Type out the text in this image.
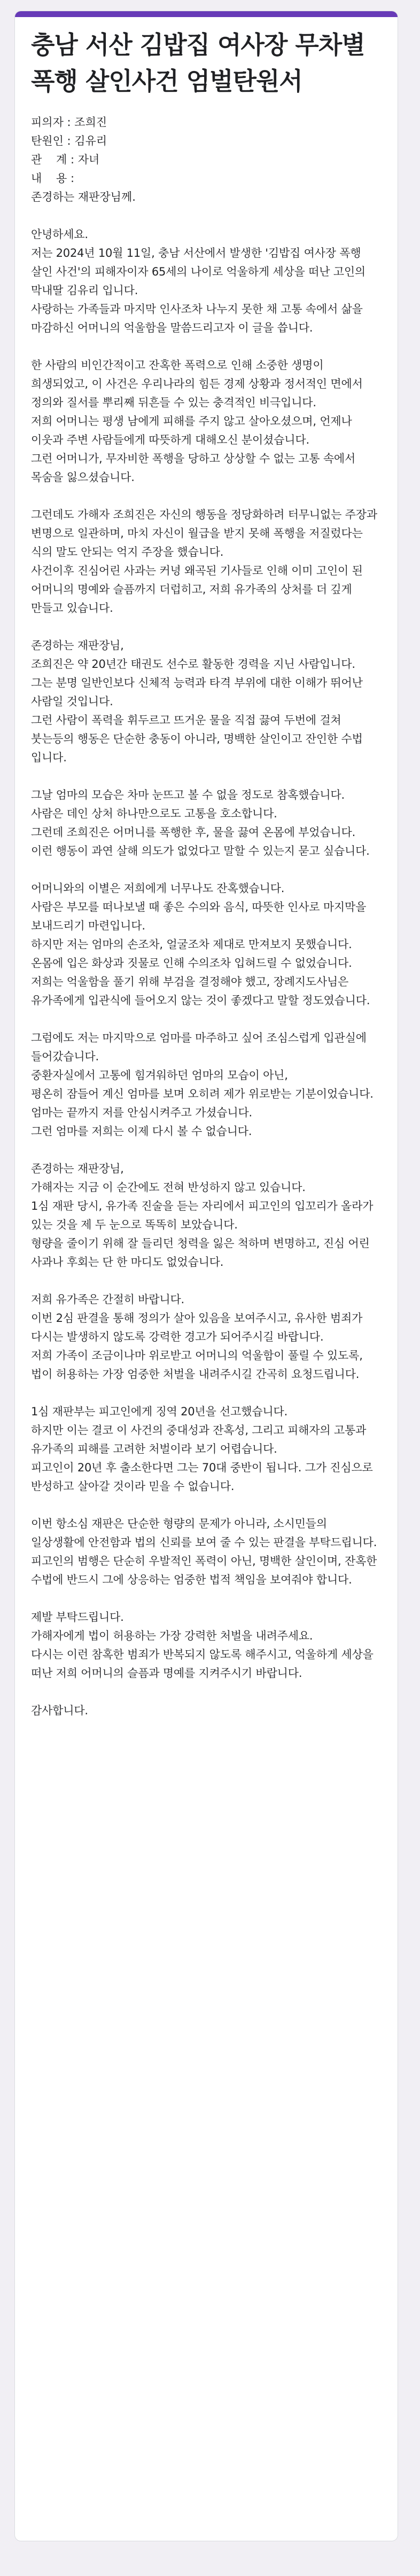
충남 서산 김밥집 여사장 무차별폭행 살인사건 엄벌탄원서
피의자 : 조희진
탄원인 : 김유리
관    계 : 자녀
내    용 :
존경하는 재판장님께.

안녕하세요.
저는 2024년 10월 11일, 충남 서산에서 발생한 '김밥집 여사장 폭행 살인 사건'의 피해자이자 65세의 나이로 억울하게 세상을 떠난 고인의 막내딸 김유리 입니다.
사랑하는 가족들과 마지막 인사조차 나누지 못한 채 고통 속에서 삶을 마감하신 어머니의 억울함을 말씀드리고자 이 글을 씁니다.

한 사람의 비인간적이고 잔혹한 폭력으로 인해 소중한 생명이 희생되었고, 이 사건은 우리나라의 힘든 경제 상황과 정서적인 면에서 정의와 질서를 뿌리째 뒤흔들 수 있는 충격적인 비극입니다.
저희 어머니는 평생 남에게 피해를 주지 않고 살아오셨으며, 언제나 이웃과 주변 사람들에게 따뜻하게 대해오신 분이셨습니다.
그런 어머니가, 무자비한 폭행을 당하고 상상할 수 없는 고통 속에서 목숨을 잃으셨습니다.

그런데도 가해자 조희진은 자신의 행동을 정당화하려 터무니없는 주장과 변명으로 일관하며, 마치 자신이 월급을 받지 못해 폭행을 저질렀다는 식의 말도 안되는 억지 주장을 했습니다.
사건이후 진심어린 사과는 커녕 왜곡된 기사들로 인해 이미 고인이 된 어머니의 명예와 슬픔까지 더럽히고, 저희 유가족의 상처를 더 깊게 만들고 있습니다.

존경하는 재판장님,
조희진은 약 20년간 태권도 선수로 활동한 경력을 지닌 사람입니다.
그는 분명 일반인보다 신체적 능력과 타격 부위에 대한 이해가 뛰어난 사람일 것입니다.
그런 사람이 폭력을 휘두르고 뜨거운 물을 직접 끓여 두번에 걸쳐 붓는등의 행동은 단순한 충동이 아니라, 명백한 살인이고 잔인한 수법 입니다.

그날 엄마의 모습은 차마 눈뜨고 볼 수 없을 정도로 참혹했습니다.
사람은 데인 상처 하나만으로도 고통을 호소합니다.
그런데 조희진은 어머니를 폭행한 후, 물을 끓여 온몸에 부었습니다.
이런 행동이 과연 살해 의도가 없었다고 말할 수 있는지 묻고 싶습니다.

어머니와의 이별은 저희에게 너무나도 잔혹했습니다.
사람은 부모를 떠나보낼 때 좋은 수의와 음식, 따뜻한 인사로 마지막을 보내드리기 마련입니다.
하지만 저는 엄마의 손조차, 얼굴조차 제대로 만져보지 못했습니다.
온몸에 입은 화상과 짓물로 인해 수의조차 입혀드릴 수 없었습니다.
저희는 억울함을 풀기 위해 부검을 결정해야 했고, 장례지도사님은 유가족에게 입관식에 들어오지 않는 것이 좋겠다고 말할 정도였습니다.

그럼에도 저는 마지막으로 엄마를 마주하고 싶어 조심스럽게 입관실에 들어갔습니다.
중환자실에서 고통에 힘겨워하던 엄마의 모습이 아닌,
평온히 잠들어 계신 엄마를 보며 오히려 제가 위로받는 기분이었습니다.
엄마는 끝까지 저를 안심시켜주고 가셨습니다.
그런 엄마를 저희는 이제 다시 볼 수 없습니다.

존경하는 재판장님,
가해자는 지금 이 순간에도 전혀 반성하지 않고 있습니다.
1심 재판 당시, 유가족 진술을 듣는 자리에서 피고인의 입꼬리가 올라가 있는 것을 제 두 눈으로 똑똑히 보았습니다.
형량을 줄이기 위해 잘 들리던 청력을 잃은 척하며 변명하고, 진심 어린 사과나 후회는 단 한 마디도 없었습니다.

저희 유가족은 간절히 바랍니다.
이번 2심 판결을 통해 정의가 살아 있음을 보여주시고, 유사한 범죄가 다시는 발생하지 않도록 강력한 경고가 되어주시길 바랍니다.
저희 가족이 조금이나마 위로받고 어머니의 억울함이 풀릴 수 있도록, 법이 허용하는 가장 엄중한 처벌을 내려주시길 간곡히 요청드립니다.

1심 재판부는 피고인에게 징역 20년을 선고했습니다.
하지만 이는 결코 이 사건의 중대성과 잔혹성, 그리고 피해자의 고통과 유가족의 피해를 고려한 처벌이라 보기 어렵습니다.
피고인이 20년 후 출소한다면 그는 70대 중반이 됩니다. 그가 진심으로 반성하고 살아갈 것이라 믿을 수 없습니다.

이번 항소심 재판은 단순한 형량의 문제가 아니라, 소시민들의 일상생활에 안전함과 법의 신뢰를 보여 줄 수 있는 판결을 부탁드립니다.
피고인의 범행은 단순히 우발적인 폭력이 아닌, 명백한 살인이며, 잔혹한 수법에 반드시 그에 상응하는 엄중한 법적 책임을 보여줘야 합니다.

제발 부탁드립니다.
가해자에게 법이 허용하는 가장 강력한 처벌을 내려주세요.
다시는 이런 참혹한 범죄가 반복되지 않도록 해주시고, 억울하게 세상을 떠난 저희 어머니의 슬픔과 명예를 지켜주시기 바랍니다.

감사합니다.
